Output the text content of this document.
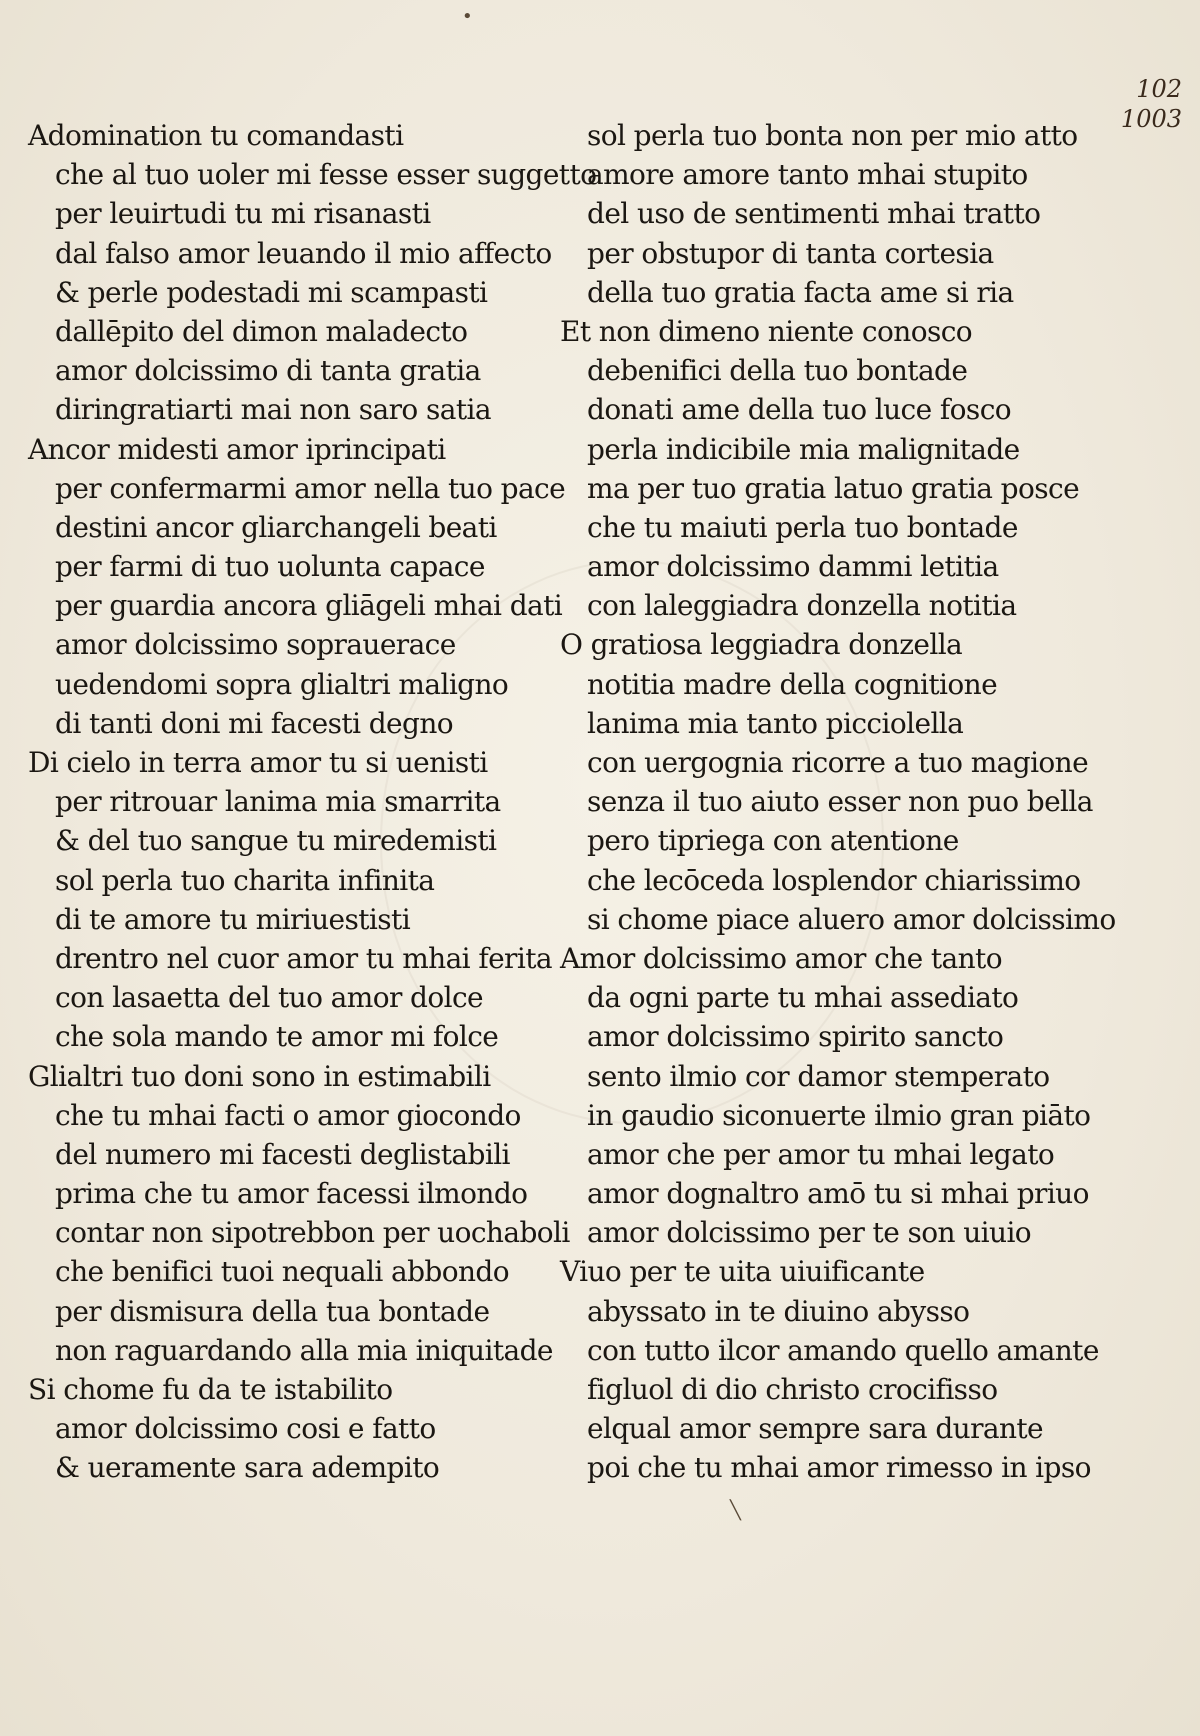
102
1003
Adomination tu comandasti
che al tuo uoler mi fesse esser suggetto
per leuirtudi tu mi risanasti
dal falso amor leuando il mio affecto
& perle podestadi mi scampasti
dallēpito del dimon maladecto
amor dolcissimo di tanta gratia
diringratiarti mai non saro satia
Ancor midesti amor iprincipati
per confermarmi amor nella tuo pace
destini ancor gliarchangeli beati
per farmi di tuo uolunta capace
per guardia ancora gliāgeli mhai dati
amor dolcissimo soprauerace
uedendomi sopra glialtri maligno
di tanti doni mi facesti degno
Di cielo in terra amor tu si uenisti
per ritrouar lanima mia smarrita
& del tuo sangue tu miredemisti
sol perla tuo charita infinita
di te amore tu miriuestisti
drentro nel cuor amor tu mhai ferita
con lasaetta del tuo amor dolce
che sola mando te amor mi folce
Glialtri tuo doni sono in estimabili
che tu mhai facti o amor giocondo
del numero mi facesti deglistabili
prima che tu amor facessi ilmondo
contar non sipotrebbon per uochaboli
che benifici tuoi nequali abbondo
per dismisura della tua bontade
non raguardando alla mia iniquitade
Si chome fu da te istabilito
amor dolcissimo cosi e fatto
& ueramente sara adempito
sol perla tuo bonta non per mio atto
amore amore tanto mhai stupito
del uso de sentimenti mhai tratto
per obstupor di tanta cortesia
della tuo gratia facta ame si ria
Et non dimeno niente conosco
debenifici della tuo bontade
donati ame della tuo luce fosco
perla indicibile mia malignitade
ma per tuo gratia latuo gratia posce
che tu maiuti perla tuo bontade
amor dolcissimo dammi letitia
con laleggiadra donzella notitia
O gratiosa leggiadra donzella
notitia madre della cognitione
lanima mia tanto picciolella
con uergognia ricorre a tuo magione
senza il tuo aiuto esser non puo bella
pero tipriega con atentione
che lecōceda losplendor chiarissimo
si chome piace aluero amor dolcissimo
Amor dolcissimo amor che tanto
da ogni parte tu mhai assediato
amor dolcissimo spirito sancto
sento ilmio cor damor stemperato
in gaudio siconuerte ilmio gran piāto
amor che per amor tu mhai legato
amor dognaltro amō tu si mhai priuo
amor dolcissimo per te son uiuio
Viuo per te uita uiuificante
abyssato in te diuino abysso
con tutto ilcor amando quello amante
figluol di dio christo crocifisso
elqual amor sempre sara durante
poi che tu mhai amor rimesso in ipso
•
╲
